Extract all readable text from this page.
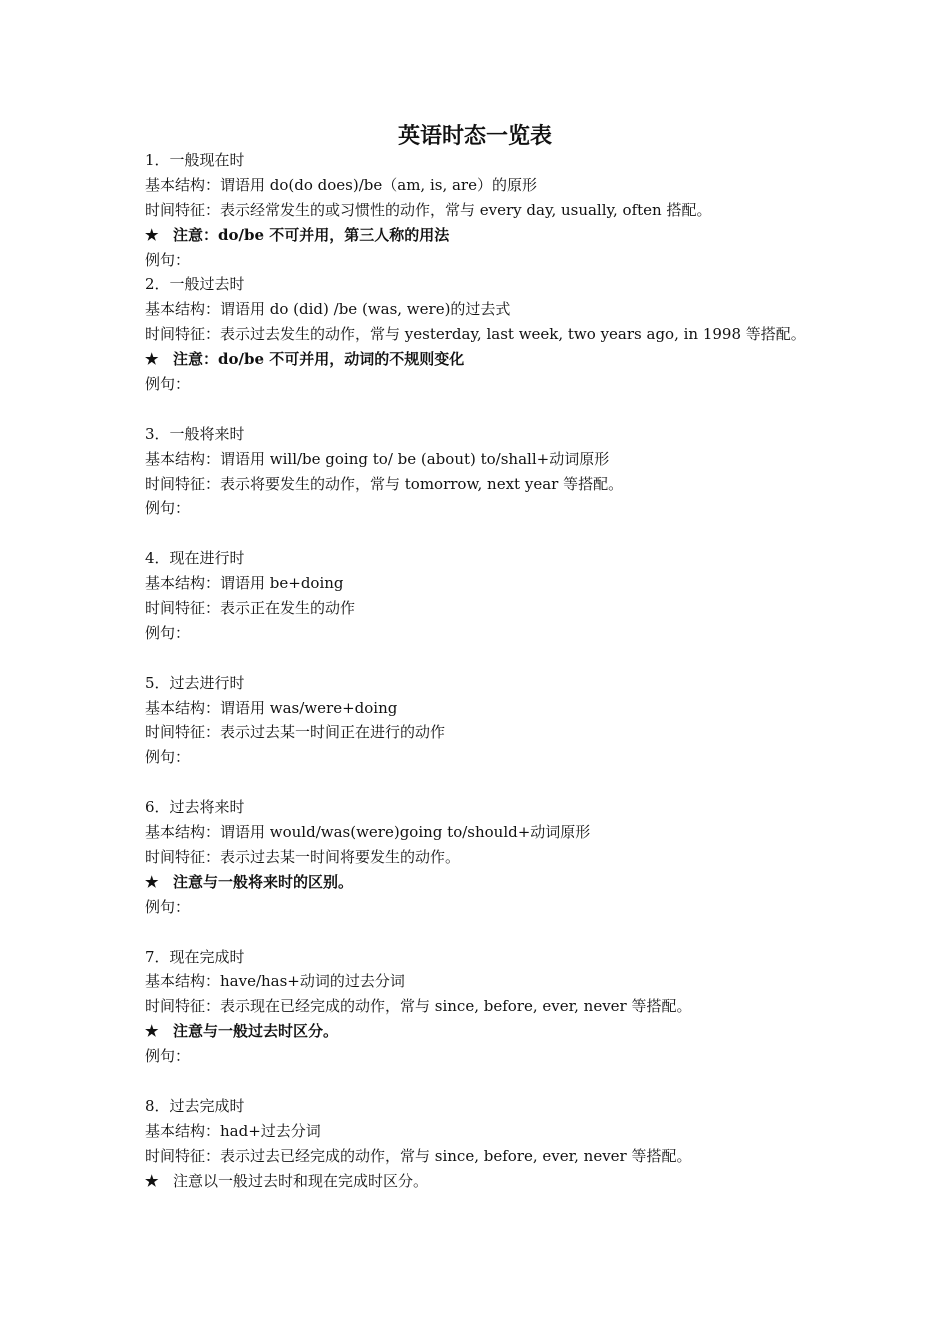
英语时态一览表
1．一般现在时
基本结构：谓语用 do(do does)/be（am, is, are）的原形
时间特征：表示经常发生的或习惯性的动作，常与 every day, usually, often 搭配。
★ 注意：do/be 不可并用，第三人称的用法
例句：
2．一般过去时
基本结构：谓语用 do (did) /be (was, were)的过去式
时间特征：表示过去发生的动作，常与 yesterday, last week, two years ago, in 1998 等搭配。
★ 注意：do/be 不可并用，动词的不规则变化
例句：
3．一般将来时
基本结构：谓语用 will/be going to/ be (about) to/shall+动词原形
时间特征：表示将要发生的动作，常与 tomorrow, next year 等搭配。
例句：
4．现在进行时
基本结构：谓语用 be+doing
时间特征：表示正在发生的动作
例句：
5．过去进行时
基本结构：谓语用 was/were+doing
时间特征：表示过去某一时间正在进行的动作
例句：
6．过去将来时
基本结构：谓语用 would/was(were)going to/should+动词原形
时间特征：表示过去某一时间将要发生的动作。
★ 注意与一般将来时的区别。
例句：
7．现在完成时
基本结构：have/has+动词的过去分词
时间特征：表示现在已经完成的动作，常与 since, before, ever, never 等搭配。
★ 注意与一般过去时区分。
例句：
8．过去完成时
基本结构：had+过去分词
时间特征：表示过去已经完成的动作，常与 since, before, ever, never 等搭配。
★ 注意以一般过去时和现在完成时区分。
